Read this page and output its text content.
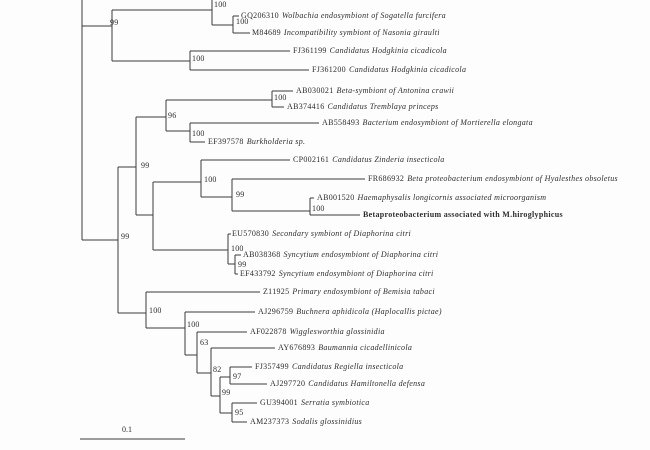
GQ206310 Wolbachia endosymbiont of Sogatella furcifera
M84689 Incompatibility symbiont of Nasonia giraulti
FJ361199 Candidatus Hodgkinia cicadicola
FJ361200 Candidatus Hodgkinia cicadicola
AB030021 Beta-symbiont of Antonina crawii
AB374416 Candidatus Tremblaya princeps
AB558493 Bacterium endosymbiont of Mortierella elongata
EF397578 Burkholderia sp.
CP002161 Candidatus Zinderia insecticola
FR686932 Beta proteobacterium endosymbiont of Hyalesthes obsoletus
AB001520 Haemaphysalis longicornis associated microorganism
Betaproteobacterium associated with M.hiroglyphicus
EU570830 Secondary symbiont of Diaphorina citri
AB038368 Syncytium endosymbiont of Diaphorina citri
EF433792 Syncytium endosymbiont of Diaphorina citri
Z11925 Primary endosymbiont of Bemisia tabaci
AJ296759 Buchnera aphidicola (Haplocallis pictae)
AF022878 Wigglesworthia glossinidia
AY676893 Baumannia cicadellinicola
FJ357499 Candidatus Regiella insecticola
AJ297720 Candidatus Hamiltonella defensa
GU394001 Serratia symbiotica
AM237373 Sodalis glossinidius
100
99	100
100
96
100
100
99
100
99
100
99
100
99
100
100
63
82
97
99
95
0.1
